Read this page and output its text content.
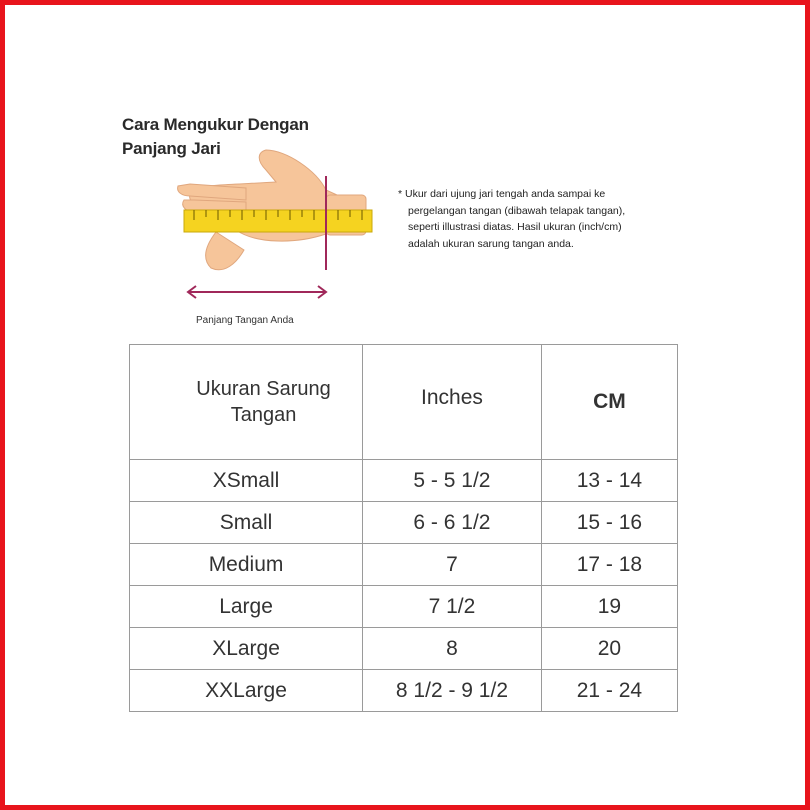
Cara Mengukur Dengan
Panjang Jari
Panjang Tangan Anda
* Ukur dari ujung jari tengah anda sampai ke
pergelangan tangan (dibawah telapak tangan),
seperti illustrasi diatas. Hasil ukuran (inch/cm)
adalah ukuran sarung tangan anda.
Ukuran Sarung
Tangan	Inches	CM
XSmall	5 - 5 1/2	13 - 14
Small	6 - 6 1/2	15 - 16
Medium	7	17 - 18
Large	7 1/2	19
XLarge	8	20
XXLarge	8 1/2 - 9 1/2	21 - 24
